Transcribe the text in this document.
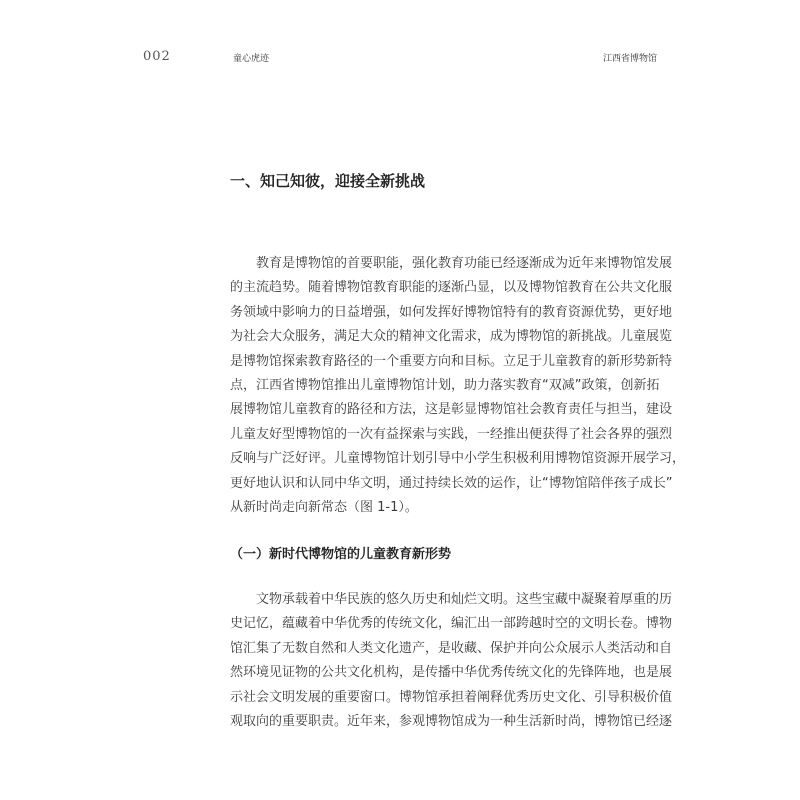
002	童心虎迹	江西省博物馆
一、知己知彼，迎接全新挑战
教育是博物馆的首要职能，强化教育功能已经逐渐成为近年来博物馆发展
的主流趋势。随着博物馆教育职能的逐渐凸显，以及博物馆教育在公共文化服
务领域中影响力的日益增强，如何发挥好博物馆特有的教育资源优势，更好地
为社会大众服务，满足大众的精神文化需求，成为博物馆的新挑战。儿童展览
是博物馆探索教育路径的一个重要方向和目标。立足于儿童教育的新形势新特
点，江西省博物馆推出儿童博物馆计划，助力落实教育“双减”政策，创新拓
展博物馆儿童教育的路径和方法，这是彰显博物馆社会教育责任与担当，建设
儿童友好型博物馆的一次有益探索与实践，一经推出便获得了社会各界的强烈
反响与广泛好评。儿童博物馆计划引导中小学生积极利用博物馆资源开展学习，
更好地认识和认同中华文明，通过持续长效的运作，让“博物馆陪伴孩子成长”
从新时尚走向新常态（图 1-1）。
（一）新时代博物馆的儿童教育新形势
文物承载着中华民族的悠久历史和灿烂文明。这些宝藏中凝聚着厚重的历
史记忆，蕴藏着中华优秀的传统文化，编汇出一部跨越时空的文明长卷。博物
馆汇集了无数自然和人类文化遗产，是收藏、保护并向公众展示人类活动和自
然环境见证物的公共文化机构，是传播中华优秀传统文化的先锋阵地，也是展
示社会文明发展的重要窗口。博物馆承担着阐释优秀历史文化、引导积极价值
观取向的重要职责。近年来，参观博物馆成为一种生活新时尚，博物馆已经逐
